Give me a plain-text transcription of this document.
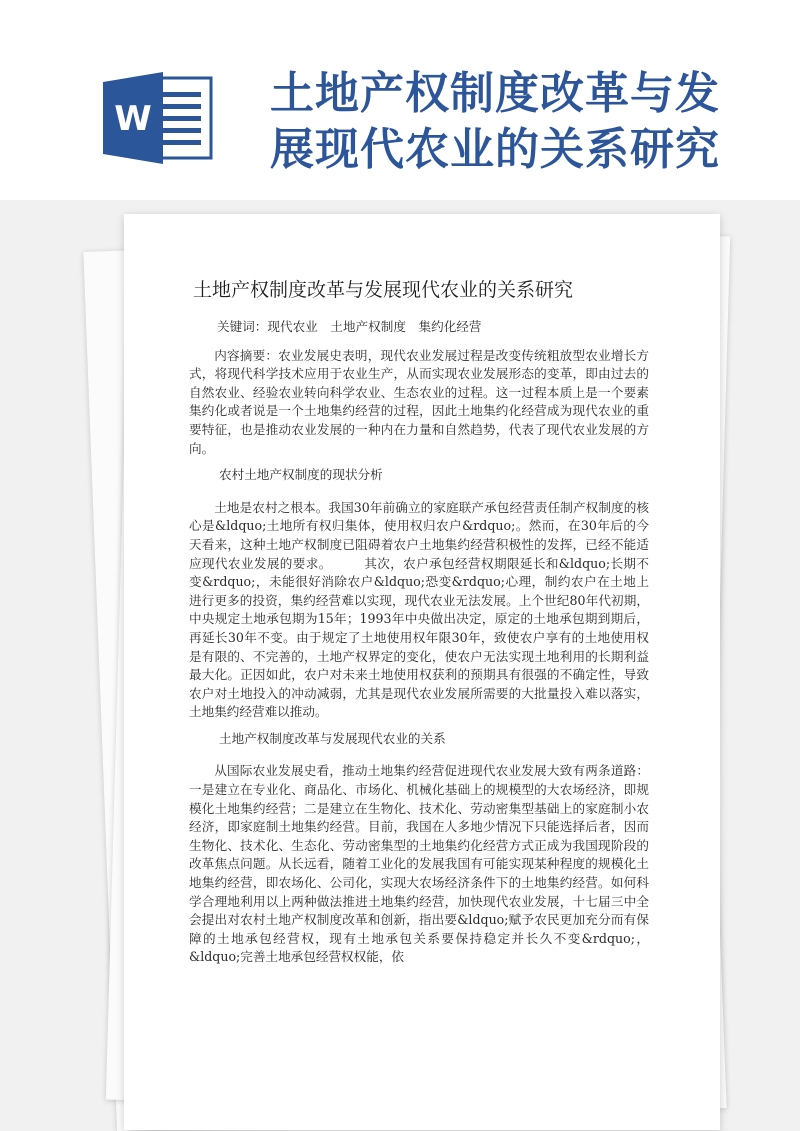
W	土地产权制度改革与发
展现代农业的关系研究
土地产权制度改革与发展现代农业的关系研究

关键词：现代农业　土地产权制度　集约化经营

内容摘要：农业发展史表明，现代农业发展过程是改变传统粗放型农业增长方式，将现代科学技术应用于农业生产，从而实现农业发展形态的变革，即由过去的自然农业、经验农业转向科学农业、生态农业的过程。这一过程本质上是一个要素集约化或者说是一个土地集约经营的过程，因此土地集约化经营成为现代农业的重要特征，也是推动农业发展的一种内在力量和自然趋势，代表了现代农业发展的方向。

农村土地产权制度的现状分析

土地是农村之根本。我国30年前确立的家庭联产承包经营责任制产权制度的核心是&ldquo;土地所有权归集体，使用权归农户&rdquo;。然而，在30年后的今天看来，这种土地产权制度已阻碍着农户土地集约经营积极性的发挥，已经不能适应现代农业发展的要求。　　　其次，农户承包经营权期限延长和&ldquo;长期不变&rdquo;，未能很好消除农户&ldquo;恐变&rdquo;心理，制约农户在土地上进行更多的投资，集约经营难以实现，现代农业无法发展。上个世纪80年代初期，中央规定土地承包期为15年；1993年中央做出决定，原定的土地承包期到期后，再延长30年不变。由于规定了土地使用权年限30年，致使农户享有的土地使用权是有限的、不完善的，土地产权界定的变化，使农户无法实现土地利用的长期利益最大化。正因如此，农户对未来土地使用权获利的预期具有很强的不确定性，导致农户对土地投入的冲动减弱，尤其是现代农业发展所需要的大批量投入难以落实，土地集约经营难以推动。

土地产权制度改革与发展现代农业的关系

从国际农业发展史看，推动土地集约经营促进现代农业发展大致有两条道路：一是建立在专业化、商品化、市场化、机械化基础上的规模型的大农场经济，即规模化土地集约经营；二是建立在生物化、技术化、劳动密集型基础上的家庭制小农经济，即家庭制土地集约经营。目前，我国在人多地少情况下只能选择后者，因而生物化、技术化、生态化、劳动密集型的土地集约化经营方式正成为我国现阶段的改革焦点问题。从长远看，随着工业化的发展我国有可能实现某种程度的规模化土地集约经营，即农场化、公司化，实现大农场经济条件下的土地集约经营。如何科学合理地利用以上两种做法推进土地集约经营，加快现代农业发展，十七届三中全会提出对农村土地产权制度改革和创新，指出要&ldquo;赋予农民更加充分而有保障的土地承包经营权，现有土地承包关系要保持稳定并长久不变&rdquo;，&ldquo;完善土地承包经营权权能，依
